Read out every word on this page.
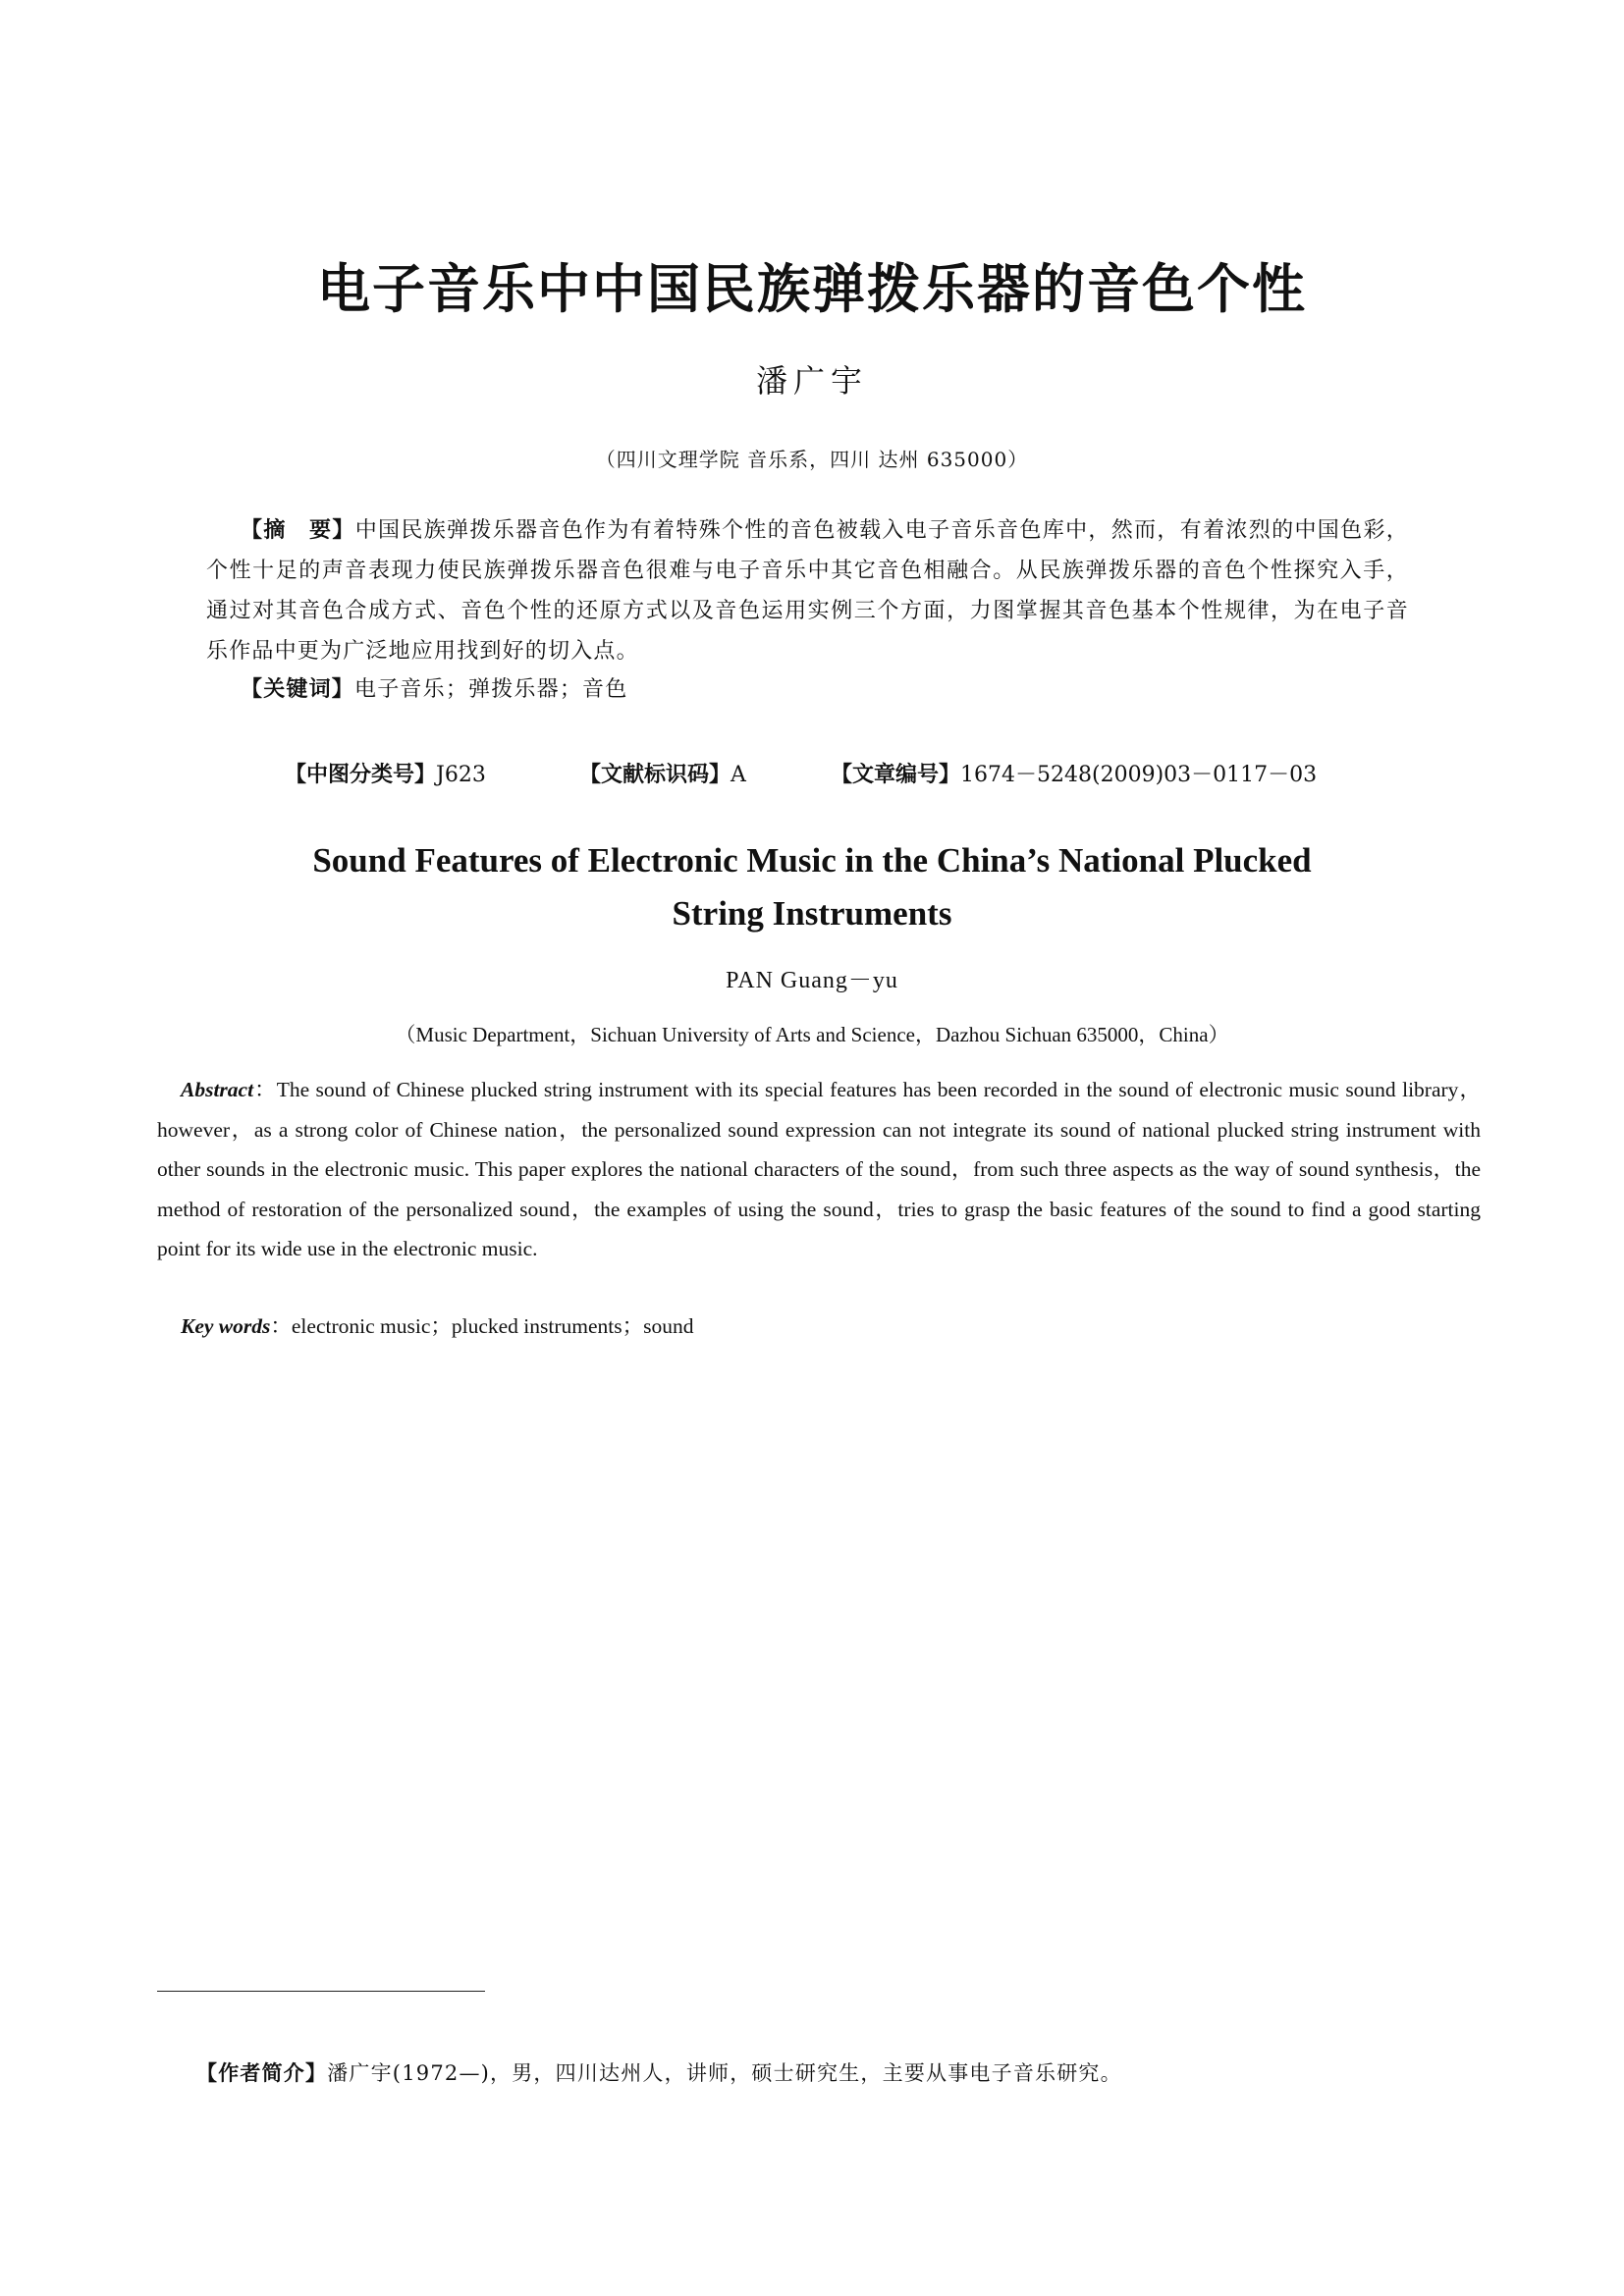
电子音乐中中国民族弹拨乐器的音色个性
潘广宇
（四川文理学院 音乐系，四川 达州 635000）

【摘　要】中国民族弹拨乐器音色作为有着特殊个性的音色被载入电子音乐音色库中，然而，有着浓烈的中国色彩，个性十足的声音表现力使民族弹拨乐器音色很难与电子音乐中其它音色相融合。从民族弹拨乐器的音色个性探究入手，通过对其音色合成方式、音色个性的还原方式以及音色运用实例三个方面，力图掌握其音色基本个性规律，为在电子音乐作品中更为广泛地应用找到好的切入点。

【关键词】电子音乐；弹拨乐器；音色
【中图分类号】J623	【文献标识码】A	【文章编号】1674－5248(2009)03－0117－03
Sound Features of Electronic Music in the China’s National Plucked
String Instruments
PAN Guang－yu
（Music Department，Sichuan University of Arts and Science，Dazhou Sichuan 635000，China）

Abstract：The sound of Chinese plucked string instrument with its special features has been recorded in the sound of electronic music sound library，however，as a strong color of Chinese nation，the personalized sound expression can not integrate its sound of national plucked string instrument with other sounds in the electronic music. This paper explores the national characters of the sound，from such three aspects as the way of sound synthesis，the method of restoration of the personalized sound，the examples of using the sound，tries to grasp the basic features of the sound to find a good starting point for its wide use in the electronic music.

Key words：electronic music；plucked instruments；sound
【作者简介】潘广宇(1972—)，男，四川达州人，讲师，硕士研究生，主要从事电子音乐研究。
